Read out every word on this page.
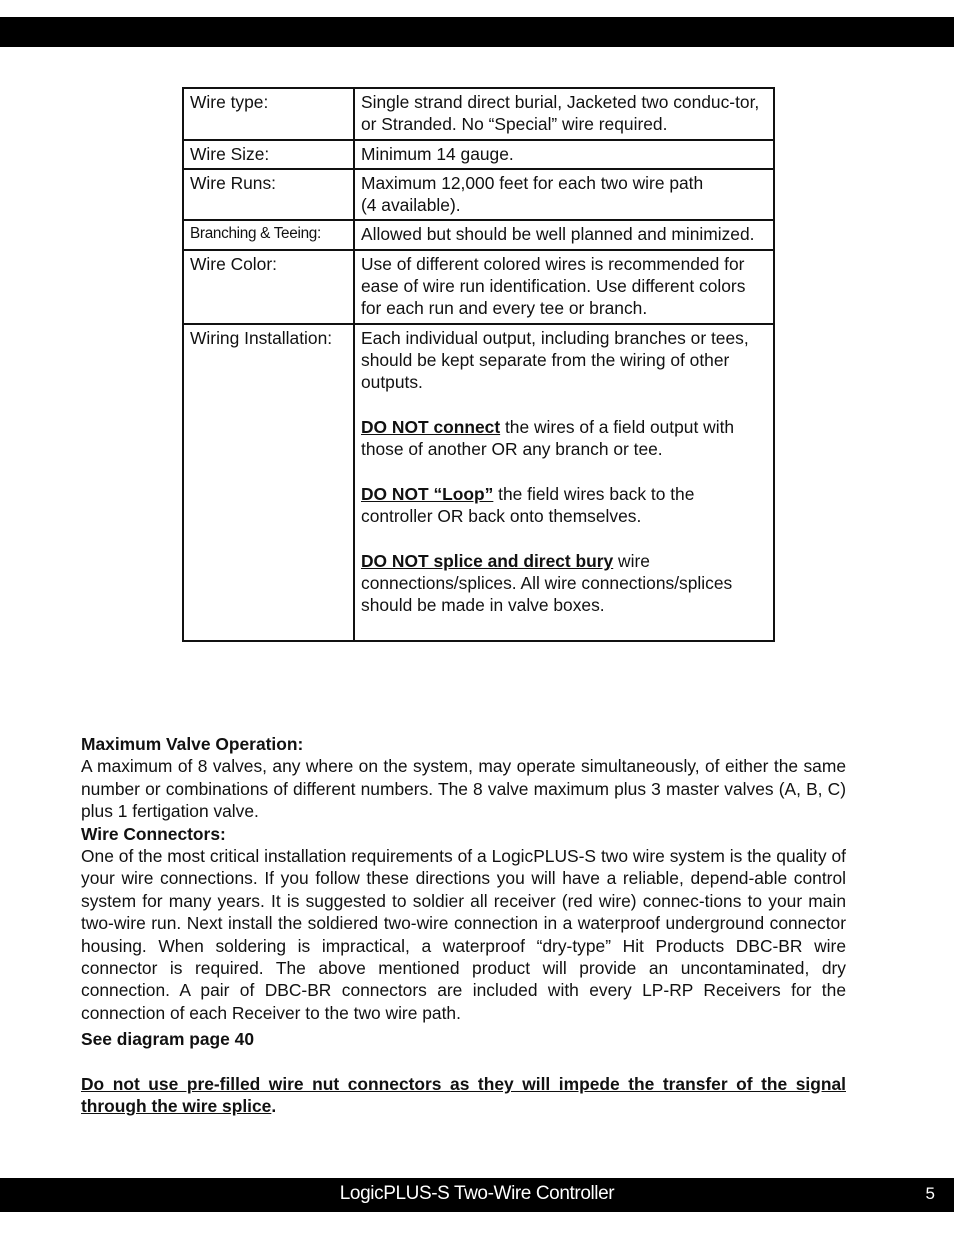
Wire type:	Single strand direct burial, Jacketed two conduc-tor, or Stranded. No “Special” wire required.
Wire Size:	Minimum 14 gauge.
Wire Runs:	Maximum 12,000 feet for each two wire path
(4 available).

Branching & Teeing:	Allowed but should be well planned and minimized.
Wire Color:	Use of different colored wires is recommended for ease of wire run identification. Use different colors for each run and every tee or branch.
Wiring Installation:	Each individual output, including branches or tees, should be kept separate from the wiring of other outputs.

DO NOT connect the wires of a field output with those of another OR any branch or tee.

DO NOT “Loop” the field wires back to the controller OR back onto themselves.

DO NOT splice and direct bury wire connections/splices. All wire connections/splices should be made in valve boxes.

Maximum Valve Operation:

A maximum of 8 valves, any where on the system, may operate simultaneously, of either the same number or combinations of different numbers. The 8 valve maximum plus 3 master valves (A, B, C) plus 1 fertigation valve.

Wire Connectors:

One of the most critical installation requirements of a LogicPLUS-S two wire system is the quality of your wire connections. If you follow these directions you will have a reliable, depend-able control system for many years. It is suggested to soldier all receiver (red wire) connec-tions to your main two-wire run. Next install the soldiered two-wire connection in a waterproof underground connector housing. When soldering is impractical, a waterproof “dry-type” Hit Products DBC-BR wire connector is required. The above mentioned product will provide an uncontaminated, dry connection. A pair of DBC-BR connectors are included with every LP-RP Receivers for the connection of each Receiver to the two wire path.

See diagram page 40

Do not use pre-filled wire nut connectors as they will impede the transfer of the signal through the wire splice.

LogicPLUS-S Two-Wire Controller	5
